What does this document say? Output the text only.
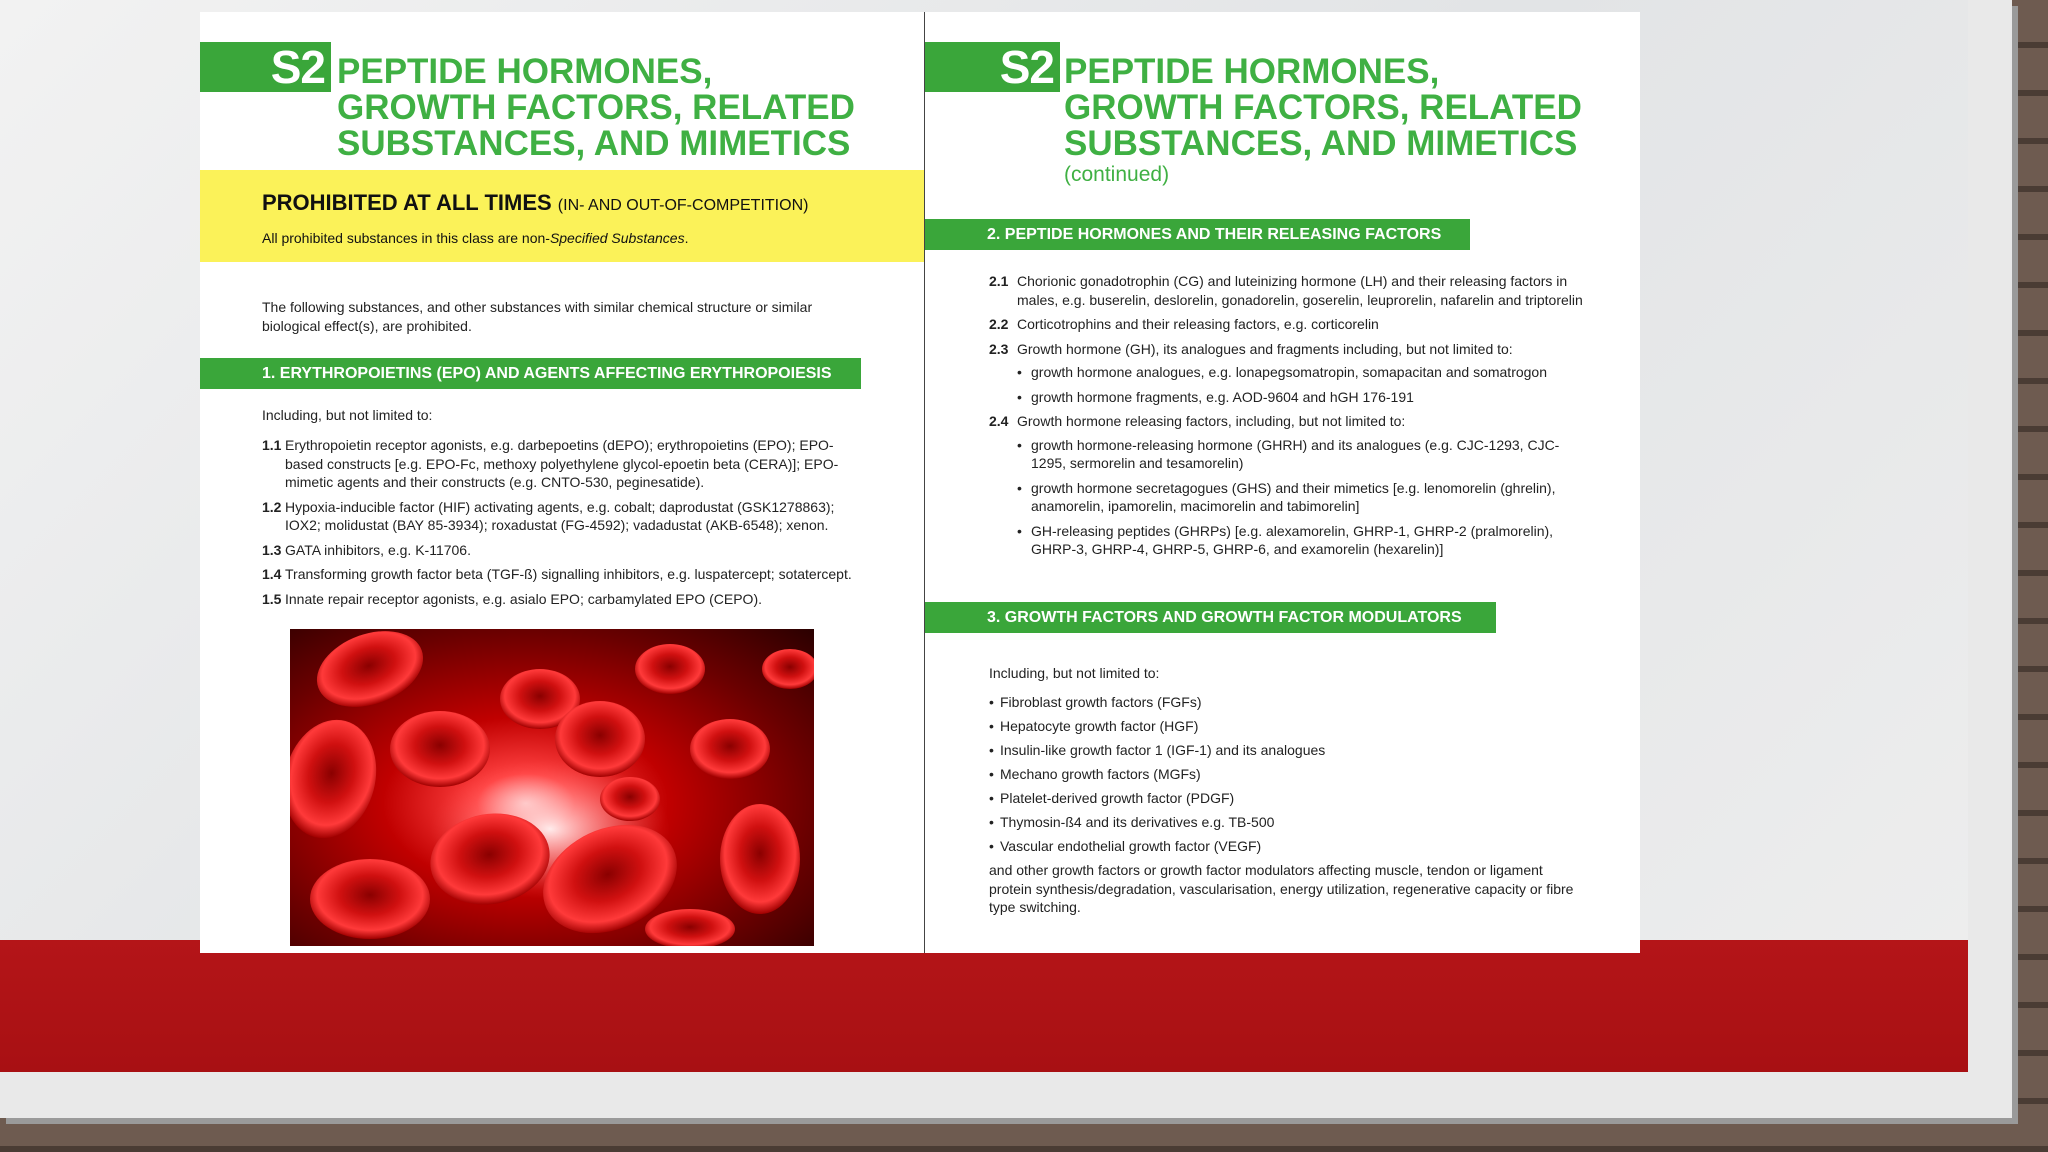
S2 PEPTIDE HORMONES,
GROWTH FACTORS, RELATED
SUBSTANCES, AND MIMETICS
PROHIBITED AT ALL TIMES (IN- AND OUT-OF-COMPETITION)
All prohibited substances in this class are non-Specified Substances.
The following substances, and other substances with similar chemical structure or similar biological effect(s), are prohibited.
1. ERYTHROPOIETINS (EPO) AND AGENTS AFFECTING ERYTHROPOIESIS
Including, but not limited to:
1.1 Erythropoietin receptor agonists, e.g. darbepoetins (dEPO); erythropoietins (EPO); EPO-based constructs [e.g. EPO-Fc, methoxy polyethylene glycol-epoetin beta (CERA)]; EPO-mimetic agents and their constructs (e.g. CNTO-530, peginesatide).
1.2 Hypoxia-inducible factor (HIF) activating agents, e.g. cobalt; daprodustat (GSK1278863); IOX2; molidustat (BAY 85-3934); roxadustat (FG-4592); vadadustat (AKB-6548); xenon.
1.3 GATA inhibitors, e.g. K-11706.
1.4 Transforming growth factor beta (TGF-ß) signalling inhibitors, e.g. luspatercept; sotatercept.
1.5 Innate repair receptor agonists, e.g. asialo EPO; carbamylated EPO (CEPO).
S2 PEPTIDE HORMONES,
GROWTH FACTORS, RELATED
SUBSTANCES, AND MIMETICS
(continued)
2. PEPTIDE HORMONES AND THEIR RELEASING FACTORS
2.1 Chorionic gonadotrophin (CG) and luteinizing hormone (LH) and their releasing factors in males, e.g. buserelin, deslorelin, gonadorelin, goserelin, leuprorelin, nafarelin and triptorelin
2.2 Corticotrophins and their releasing factors, e.g. corticorelin
2.3 Growth hormone (GH), its analogues and fragments including, but not limited to:
• growth hormone analogues, e.g. lonapegsomatropin, somapacitan and somatrogon
• growth hormone fragments, e.g. AOD-9604 and hGH 176-191
2.4 Growth hormone releasing factors, including, but not limited to:
• growth hormone-releasing hormone (GHRH) and its analogues (e.g. CJC-1293, CJC-1295, sermorelin and tesamorelin)
• growth hormone secretagogues (GHS) and their mimetics [e.g. lenomorelin (ghrelin), anamorelin, ipamorelin, macimorelin and tabimorelin]
• GH-releasing peptides (GHRPs) [e.g. alexamorelin, GHRP-1, GHRP-2 (pralmorelin), GHRP-3, GHRP-4, GHRP-5, GHRP-6, and examorelin (hexarelin)]
3. GROWTH FACTORS AND GROWTH FACTOR MODULATORS
Including, but not limited to:
• Fibroblast growth factors (FGFs)
• Hepatocyte growth factor (HGF)
• Insulin-like growth factor 1 (IGF-1) and its analogues
• Mechano growth factors (MGFs)
• Platelet-derived growth factor (PDGF)
• Thymosin-ß4 and its derivatives e.g. TB-500
• Vascular endothelial growth factor (VEGF)
and other growth factors or growth factor modulators affecting muscle, tendon or ligament protein synthesis/degradation, vascularisation, energy utilization, regenerative capacity or fibre type switching.
